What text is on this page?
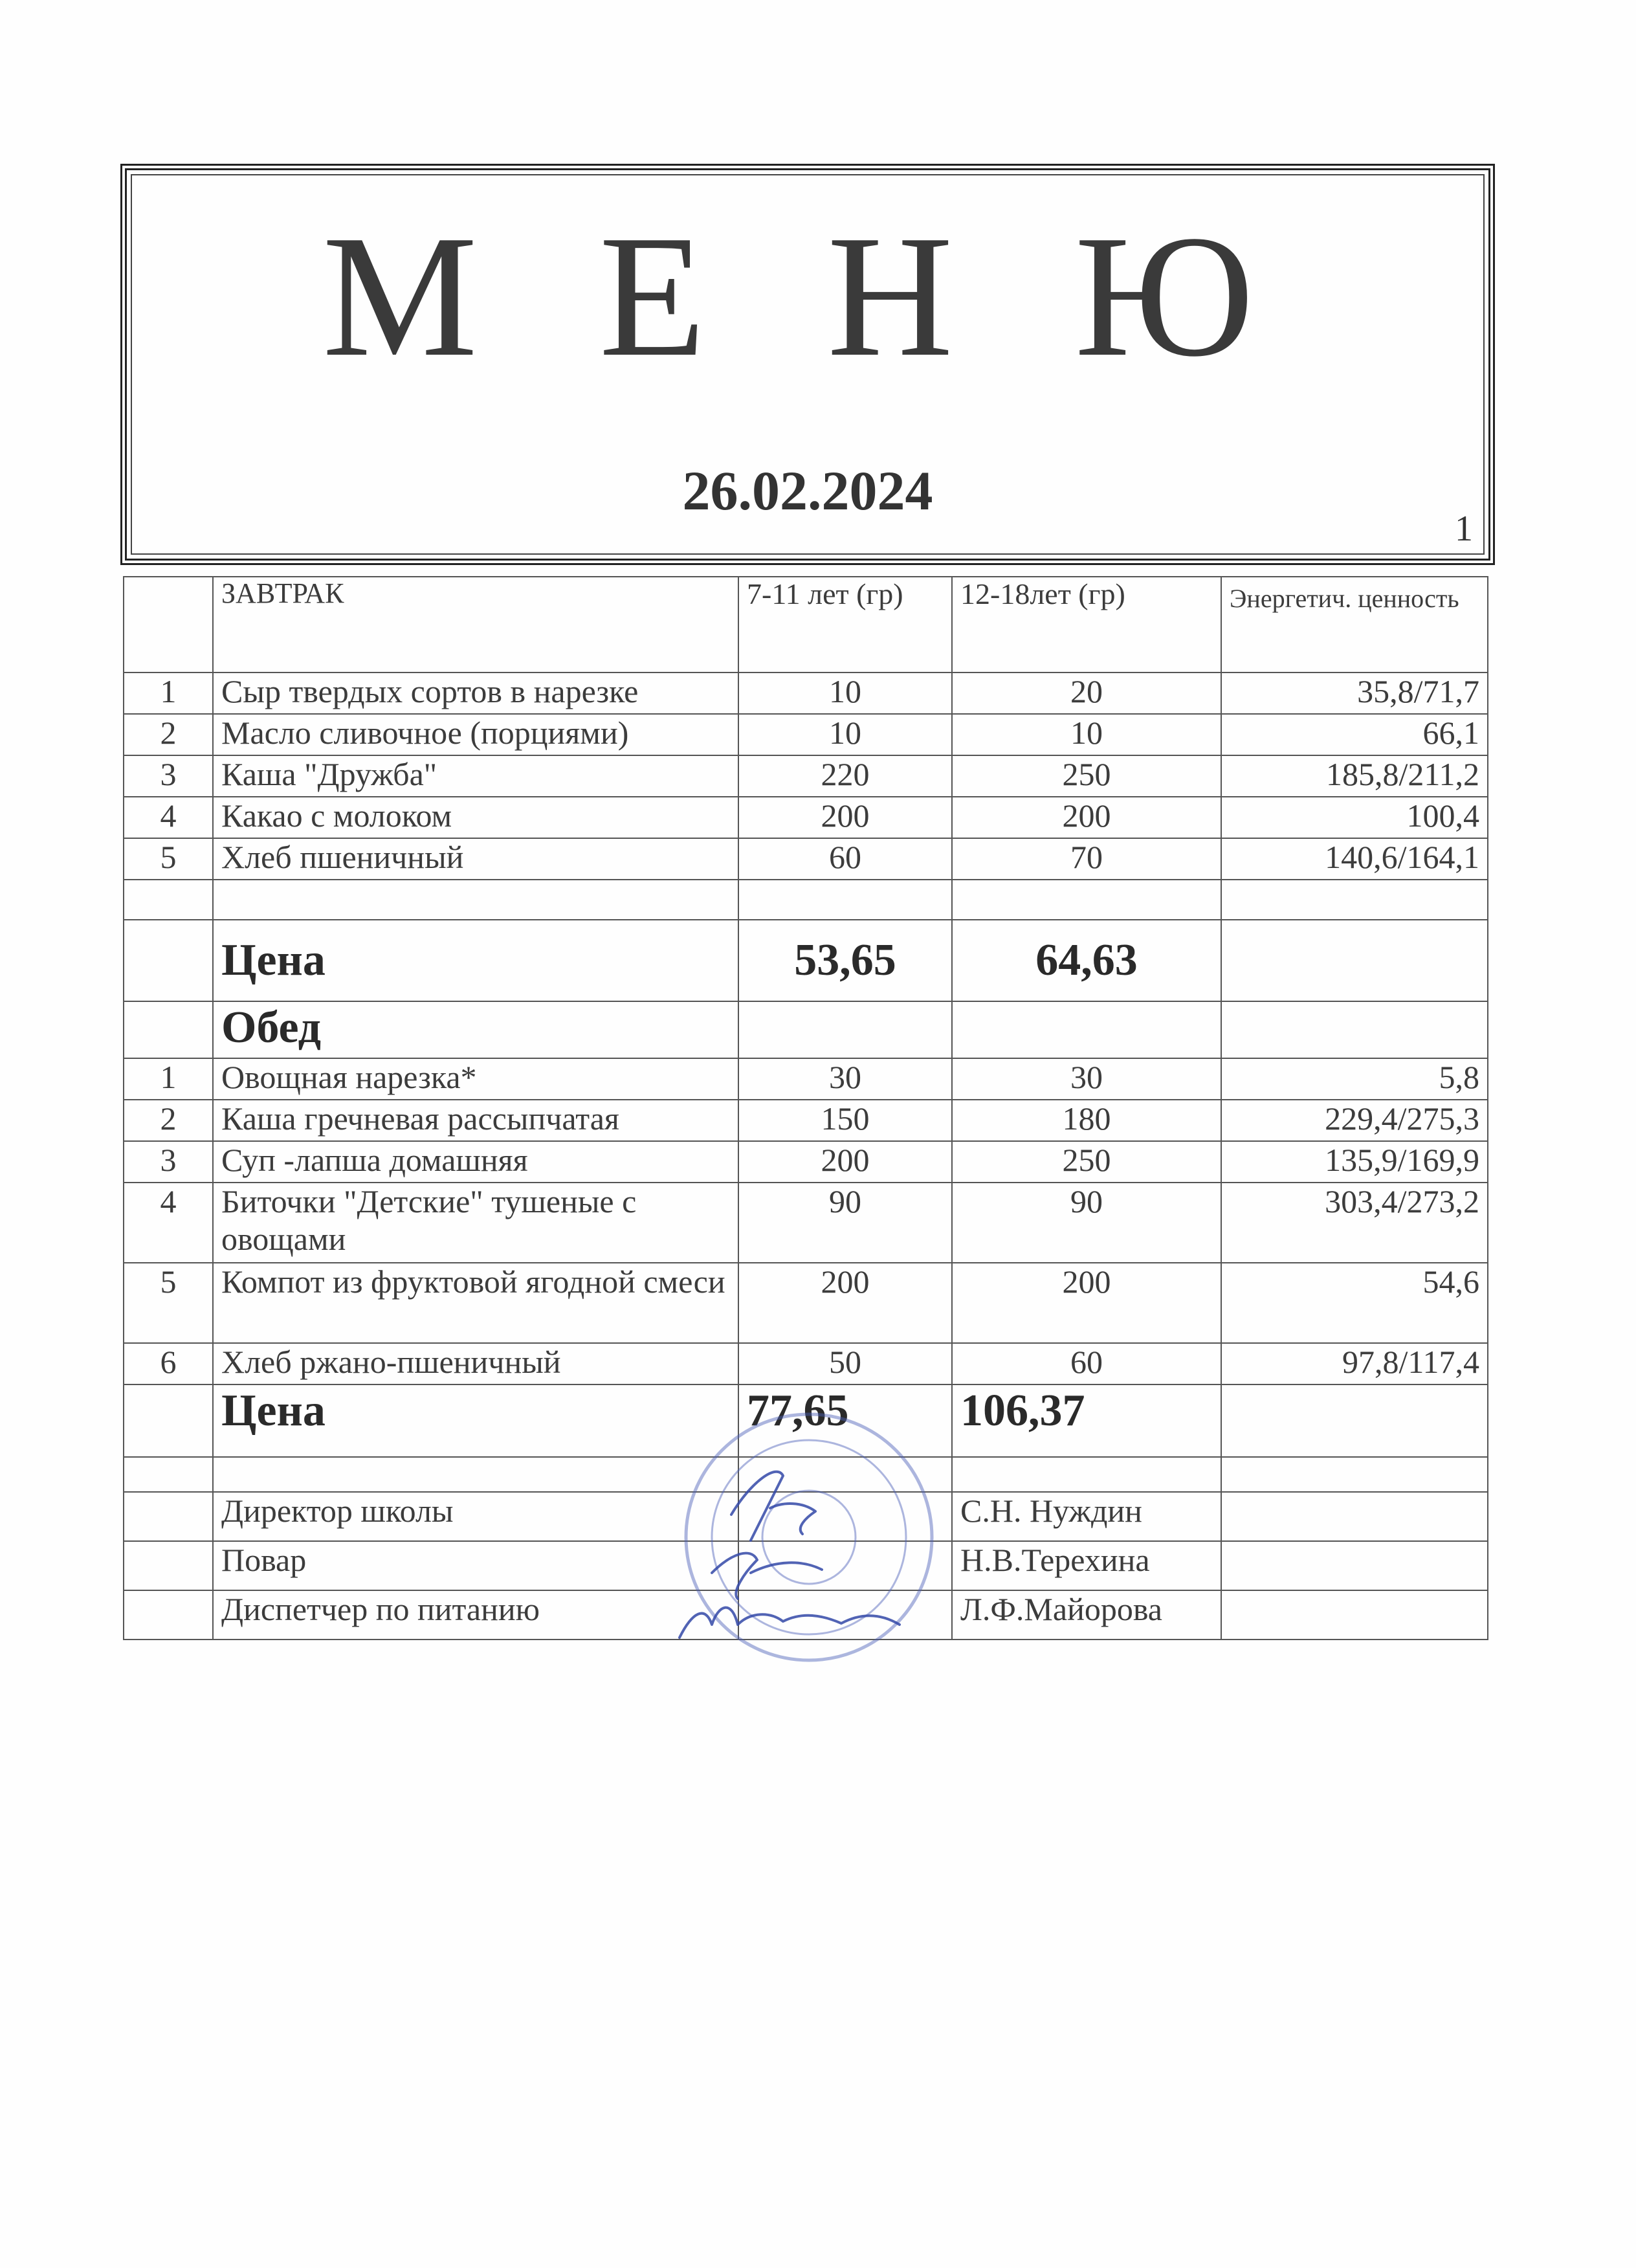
М Е Н Ю
26.02.2024
1
	ЗАВТРАК	7-11 лет (гр)	12-18лет (гр)	Энергетич. ценность
1	Сыр твердых сортов в нарезке	10	20	35,8/71,7
2	Масло сливочное (порциями)	10	10	66,1
3	Каша "Дружба"	220	250	185,8/211,2
4	Какао с молоком	200	200	100,4
5	Хлеб пшеничный	60	70	140,6/164,1

	Цена	53,65	64,63	
	Обед			
1	Овощная нарезка*	30	30	5,8
2	Каша гречневая рассыпчатая	150	180	229,4/275,3
3	Суп -лапша домашняя	200	250	135,9/169,9
4	Биточки "Детские" тушеные с овощами	90	90	303,4/273,2
5	Компот из фруктовой ягодной смеси	200	200	54,6
6	Хлеб ржано-пшеничный	50	60	97,8/117,4
	Цена	77,65	106,37	

	Директор школы		С.Н. Нуждин	
	Повар		Н.В.Терехина	
	Диспетчер по питанию		Л.Ф.Майорова	
